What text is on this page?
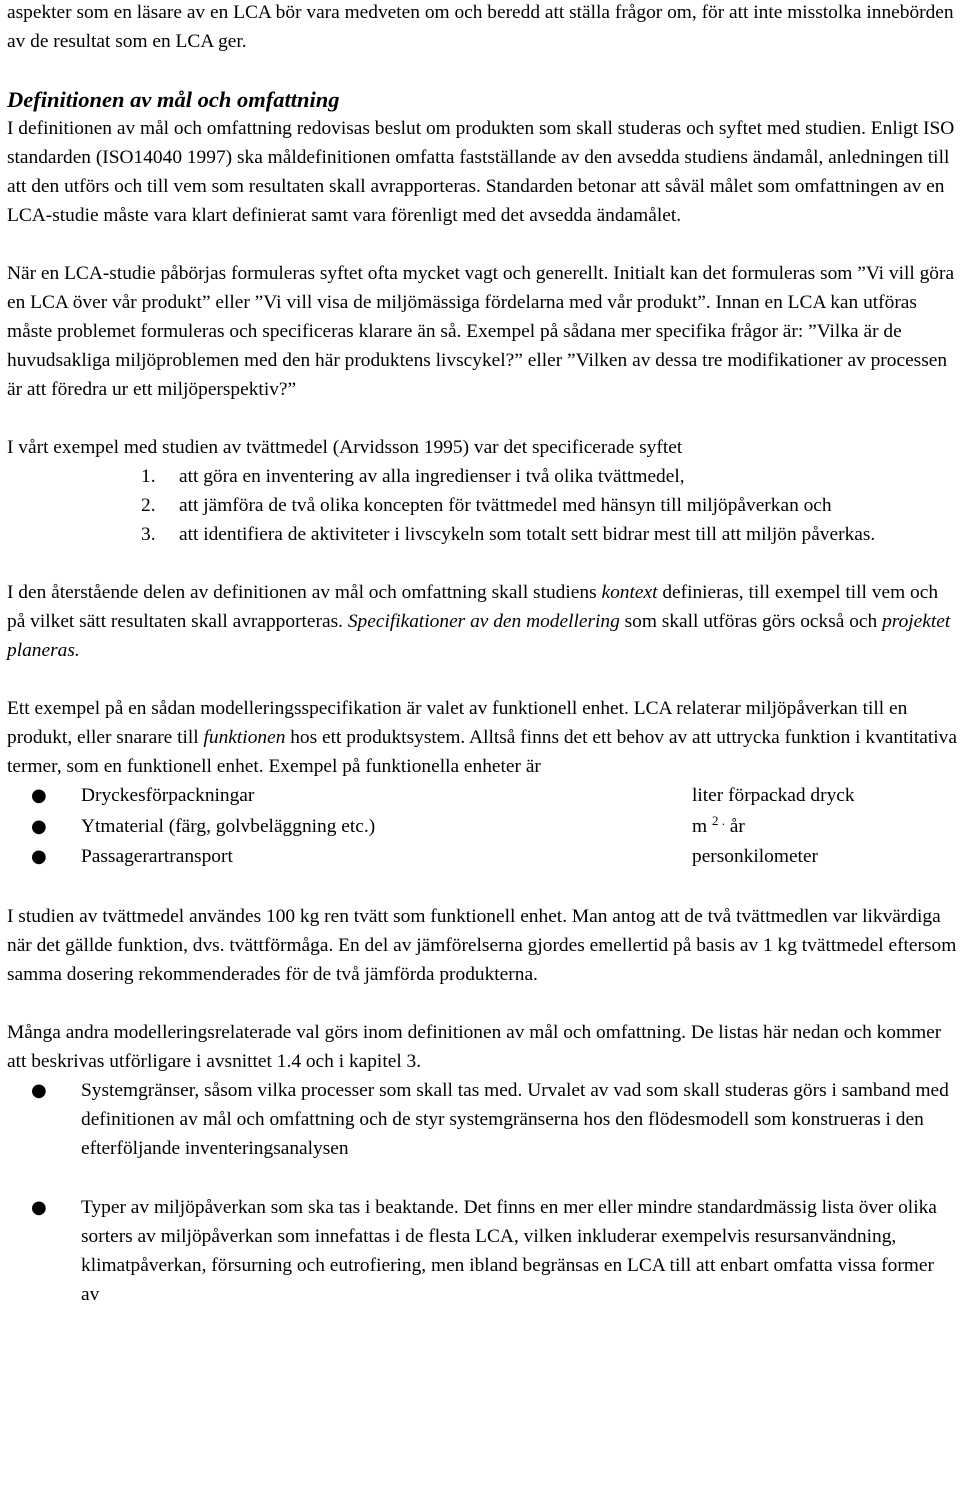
aspekter som en läsare av en LCA bör vara medveten om och beredd att ställa frågor om, för att inte misstolka innebörden av de resultat som en LCA ger.

Definitionen av mål och omfattning

I definitionen av mål och omfattning redovisas beslut om produkten som skall studeras och syftet med studien. Enligt ISO standarden (ISO14040 1997) ska måldefinitionen omfatta fastställande av den avsedda studiens ändamål, anledningen till att den utförs och till vem som resultaten skall avrapporteras. Standarden betonar att såväl målet som omfattningen av en LCA-studie måste vara klart definierat samt vara förenligt med det avsedda ändamålet.

När en LCA-studie påbörjas formuleras syftet ofta mycket vagt och generellt. Initialt kan det formuleras som ”Vi vill göra en LCA över vår produkt” eller ”Vi vill visa de miljömässiga fördelarna med vår produkt”. Innan en LCA kan utföras måste problemet formuleras och specificeras klarare än så. Exempel på sådana mer specifika frågor är: ”Vilka är de huvudsakliga miljöproblemen med den här produktens livscykel?” eller ”Vilken av dessa tre modifikationer av processen är att föredra ur ett miljöperspektiv?”

I vårt exempel med studien av tvättmedel (Arvidsson 1995) var det specificerade syftet
1. att göra en inventering av alla ingredienser i två olika tvättmedel,
2. att jämföra de två olika koncepten för tvättmedel med hänsyn till miljöpåverkan och
3. att identifiera de aktiviteter i livscykeln som totalt sett bidrar mest till att miljön påverkas.

I den återstående delen av definitionen av mål och omfattning skall studiens kontext definieras, till exempel till vem och på vilket sätt resultaten skall avrapporteras. Specifikationer av den modellering som skall utföras görs också och projektet planeras.

Ett exempel på en sådan modelleringsspecifikation är valet av funktionell enhet. LCA relaterar miljöpåverkan till en produkt, eller snarare till funktionen hos ett produktsystem. Alltså finns det ett behov av att uttrycka funktion i kvantitativa termer, som en funktionell enhet. Exempel på funktionella enheter är
● Dryckesförpackningar	liter förpackad dryck
● Ytmaterial (färg, golvbeläggning etc.)	m $^{2 .}$ år
● Passagerartransport	personkilometer

I studien av tvättmedel användes 100 kg ren tvätt som funktionell enhet. Man antog att de två tvättmedlen var likvärdiga när det gällde funktion, dvs. tvättförmåga. En del av jämförelserna gjordes emellertid på basis av 1 kg tvättmedel eftersom samma dosering rekommenderades för de två jämförda produkterna.

Många andra modelleringsrelaterade val görs inom definitionen av mål och omfattning. De listas här nedan och kommer att beskrivas utförligare i avsnittet 1.4 och i kapitel 3.
● Systemgränser, såsom vilka processer som skall tas med. Urvalet av vad som skall studeras görs i samband med definitionen av mål och omfattning och de styr systemgränserna hos den flödesmodell som konstrueras i den efterföljande inventeringsanalysen
● Typer av miljöpåverkan som ska tas i beaktande. Det finns en mer eller mindre standardmässig lista över olika sorters av miljöpåverkan som innefattas i de flesta LCA, vilken inkluderar exempelvis resursanvändning, klimatpåverkan, försurning och eutrofiering, men ibland begränsas en LCA till att enbart omfatta vissa former av
